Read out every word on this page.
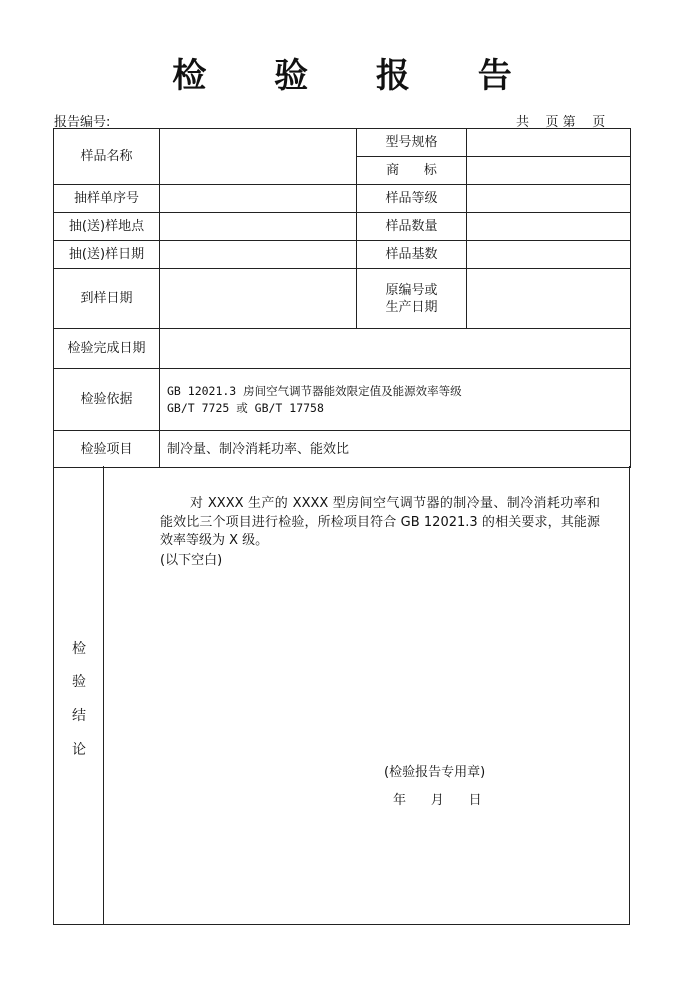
检 验 报 告
报告编号:	共    页 第    页
样品名称		型号规格	
		商      标	
抽样单序号		样品等级	
抽(送)样地点		样品数量	
抽(送)样日期		样品基数	
到样日期		原编号或
生产日期	

检验完成日期			
检验依据	GB 12021.3 房间空气调节器能效限定值及能源效率等级
GB/T 7725 或 GB/T 17758		

检验项目	制冷量、制冷消耗功率、能效比		
检
验
结
论
对 XXXX 生产的 XXXX 型房间空气调节器的制冷量、制冷消耗功率和能效比三个项目进行检验，所检项目符合 GB 12021.3 的相关要求，其能源效率等级为 X 级。
(以下空白)
(检验报告专用章)
年      月      日
